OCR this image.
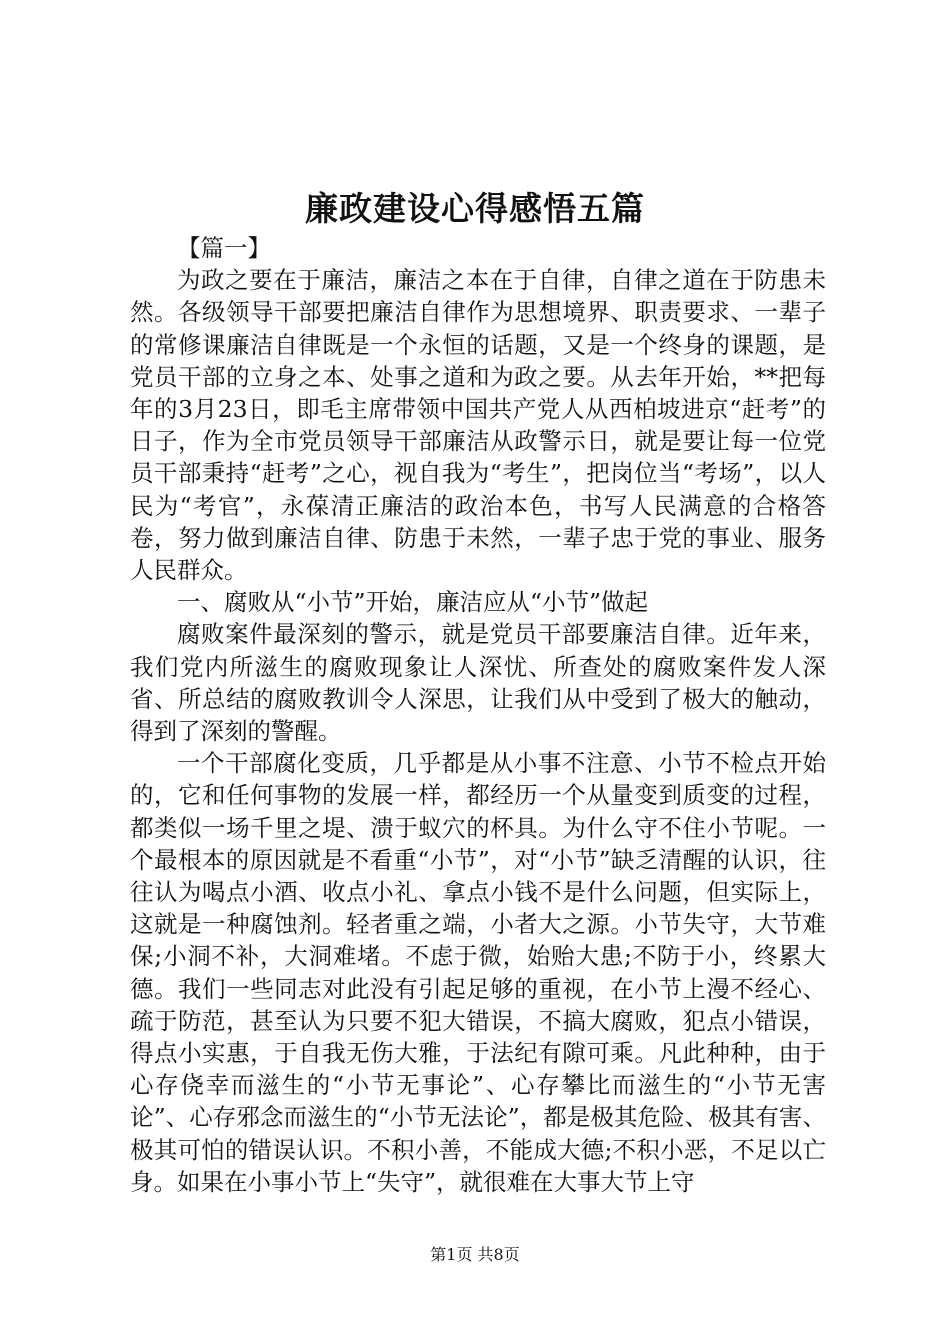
廉政建设心得感悟五篇

【篇一】

为政之要在于廉洁，廉洁之本在于自律，自律之道在于防患未然。各级领导干部要把廉洁自律作为思想境界、职责要求、一辈子的常修课廉洁自律既是一个永恒的话题，又是一个终身的课题，是党员干部的立身之本、处事之道和为政之要。从去年开始，**把每年的3月23日，即毛主席带领中国共产党人从西柏坡进京“赶考”的日子，作为全市党员领导干部廉洁从政警示日，就是要让每一位党员干部秉持“赶考”之心，视自我为“考生”，把岗位当“考场”，以人民为“考官”，永葆清正廉洁的政治本色，书写人民满意的合格答卷，努力做到廉洁自律、防患于未然，一辈子忠于党的事业、服务人民群众。

一、腐败从“小节”开始，廉洁应从“小节”做起

腐败案件最深刻的警示，就是党员干部要廉洁自律。近年来，我们党内所滋生的腐败现象让人深忧、所查处的腐败案件发人深省、所总结的腐败教训令人深思，让我们从中受到了极大的触动，得到了深刻的警醒。

一个干部腐化变质，几乎都是从小事不注意、小节不检点开始的，它和任何事物的发展一样，都经历一个从量变到质变的过程，都类似一场千里之堤、溃于蚁穴的杯具。为什么守不住小节呢。一个最根本的原因就是不看重“小节”，对“小节”缺乏清醒的认识，往往认为喝点小酒、收点小礼、拿点小钱不是什么问题，但实际上，这就是一种腐蚀剂。轻者重之端，小者大之源。小节失守，大节难保;小洞不补，大洞难堵。不虑于微，始贻大患;不防于小，终累大德。我们一些同志对此没有引起足够的重视，在小节上漫不经心、疏于防范，甚至认为只要不犯大错误，不搞大腐败，犯点小错误，得点小实惠，于自我无伤大雅，于法纪有隙可乘。凡此种种，由于心存侥幸而滋生的“小节无事论”、心存攀比而滋生的“小节无害论”、心存邪念而滋生的“小节无法论”，都是极其危险、极其有害、极其可怕的错误认识。不积小善，不能成大德;不积小恶，不足以亡身。如果在小事小节上“失守”，就很难在大事大节上守

第1页 共8页
